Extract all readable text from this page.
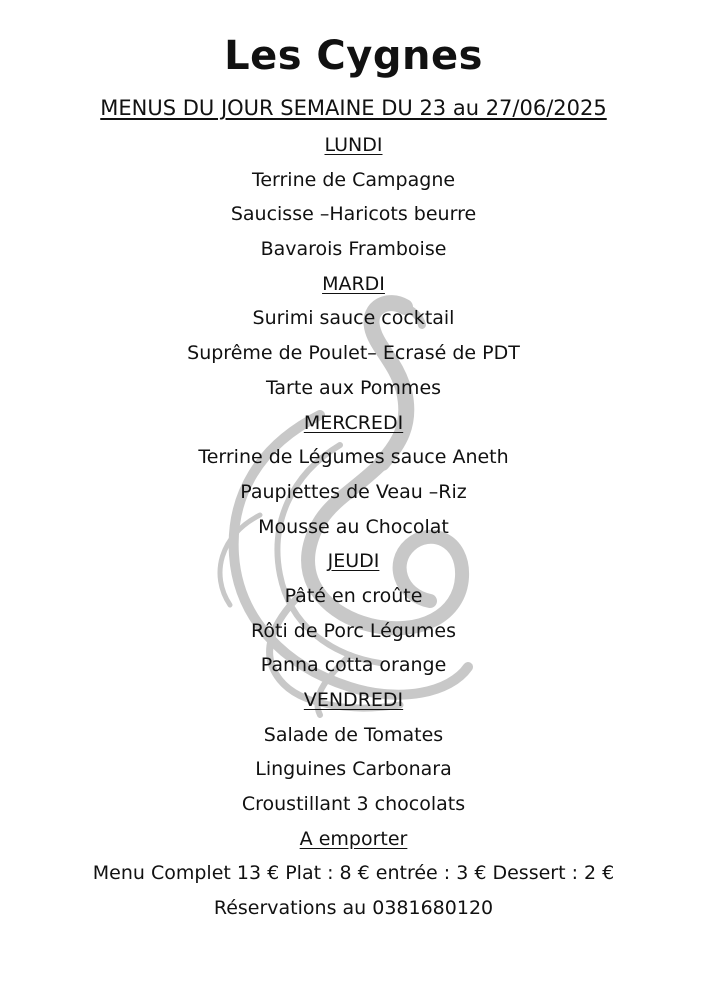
Les Cygnes
MENUS DU JOUR SEMAINE DU 23 au 27/06/2025
LUNDI
Terrine de Campagne
Saucisse –Haricots beurre
Bavarois Framboise
MARDI
Surimi sauce cocktail
Suprême de Poulet– Ecrasé de PDT
Tarte aux Pommes
MERCREDI
Terrine de Légumes sauce Aneth
Paupiettes de Veau –Riz
Mousse au Chocolat
JEUDI
Pâté en croûte
Rôti de Porc Légumes
Panna cotta orange
VENDREDI
Salade de Tomates
Linguines Carbonara
Croustillant 3 chocolats
A emporter
Menu Complet 13 € Plat : 8 € entrée : 3 € Dessert : 2 €
Réservations au 0381680120
